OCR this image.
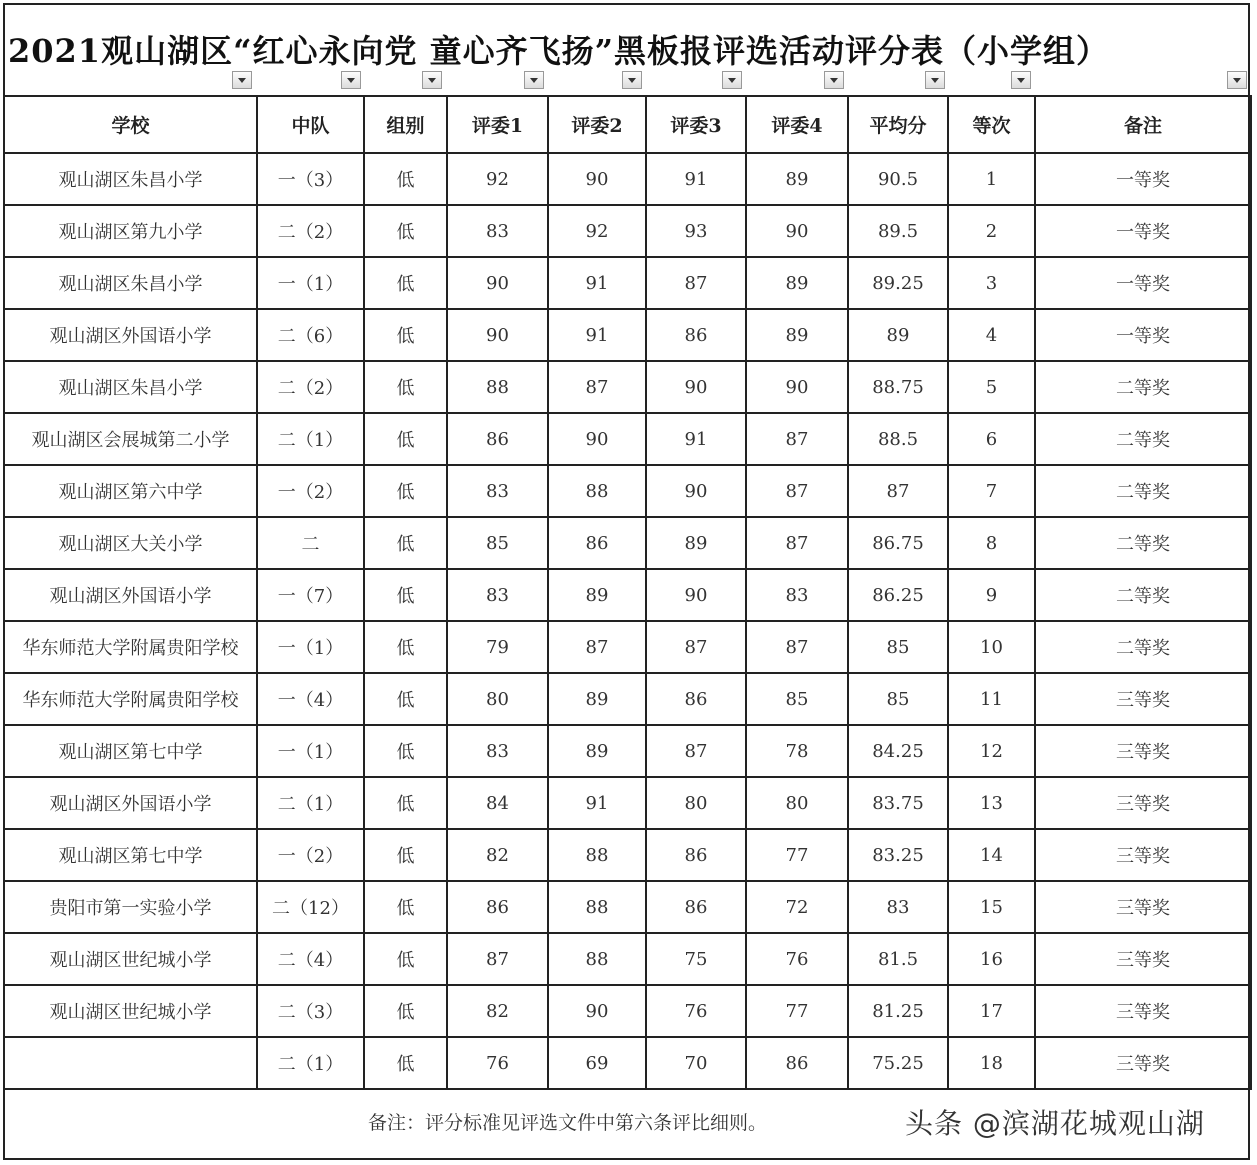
2021观山湖区“红心永向党 童心齐飞扬”黑板报评选活动评分表（小学组）
学校	中队	组别	评委1	评委2	评委3	评委4	平均分	等次	备注
观山湖区朱昌小学	一（3）	低	92	90	91	89	90.5	1	一等奖
观山湖区第九小学	二（2）	低	83	92	93	90	89.5	2	一等奖
观山湖区朱昌小学	一（1）	低	90	91	87	89	89.25	3	一等奖
观山湖区外国语小学	二（6）	低	90	91	86	89	89	4	一等奖
观山湖区朱昌小学	二（2）	低	88	87	90	90	88.75	5	二等奖
观山湖区会展城第二小学	二（1）	低	86	90	91	87	88.5	6	二等奖
观山湖区第六中学	一（2）	低	83	88	90	87	87	7	二等奖
观山湖区大关小学	二	低	85	86	89	87	86.75	8	二等奖
观山湖区外国语小学	一（7）	低	83	89	90	83	86.25	9	二等奖
华东师范大学附属贵阳学校	一（1）	低	79	87	87	87	85	10	二等奖
华东师范大学附属贵阳学校	一（4）	低	80	89	86	85	85	11	三等奖
观山湖区第七中学	一（1）	低	83	89	87	78	84.25	12	三等奖
观山湖区外国语小学	二（1）	低	84	91	80	80	83.75	13	三等奖
观山湖区第七中学	一（2）	低	82	88	86	77	83.25	14	三等奖
贵阳市第一实验小学	二（12）	低	86	88	86	72	83	15	三等奖
观山湖区世纪城小学	二（4）	低	87	88	75	76	81.5	16	三等奖
观山湖区世纪城小学	二（3）	低	82	90	76	77	81.25	17	三等奖
	二（1）	低	76	69	70	86	75.25	18	三等奖
备注：评分标准见评选文件中第六条评比细则。	头条 @滨湖花城观山湖
